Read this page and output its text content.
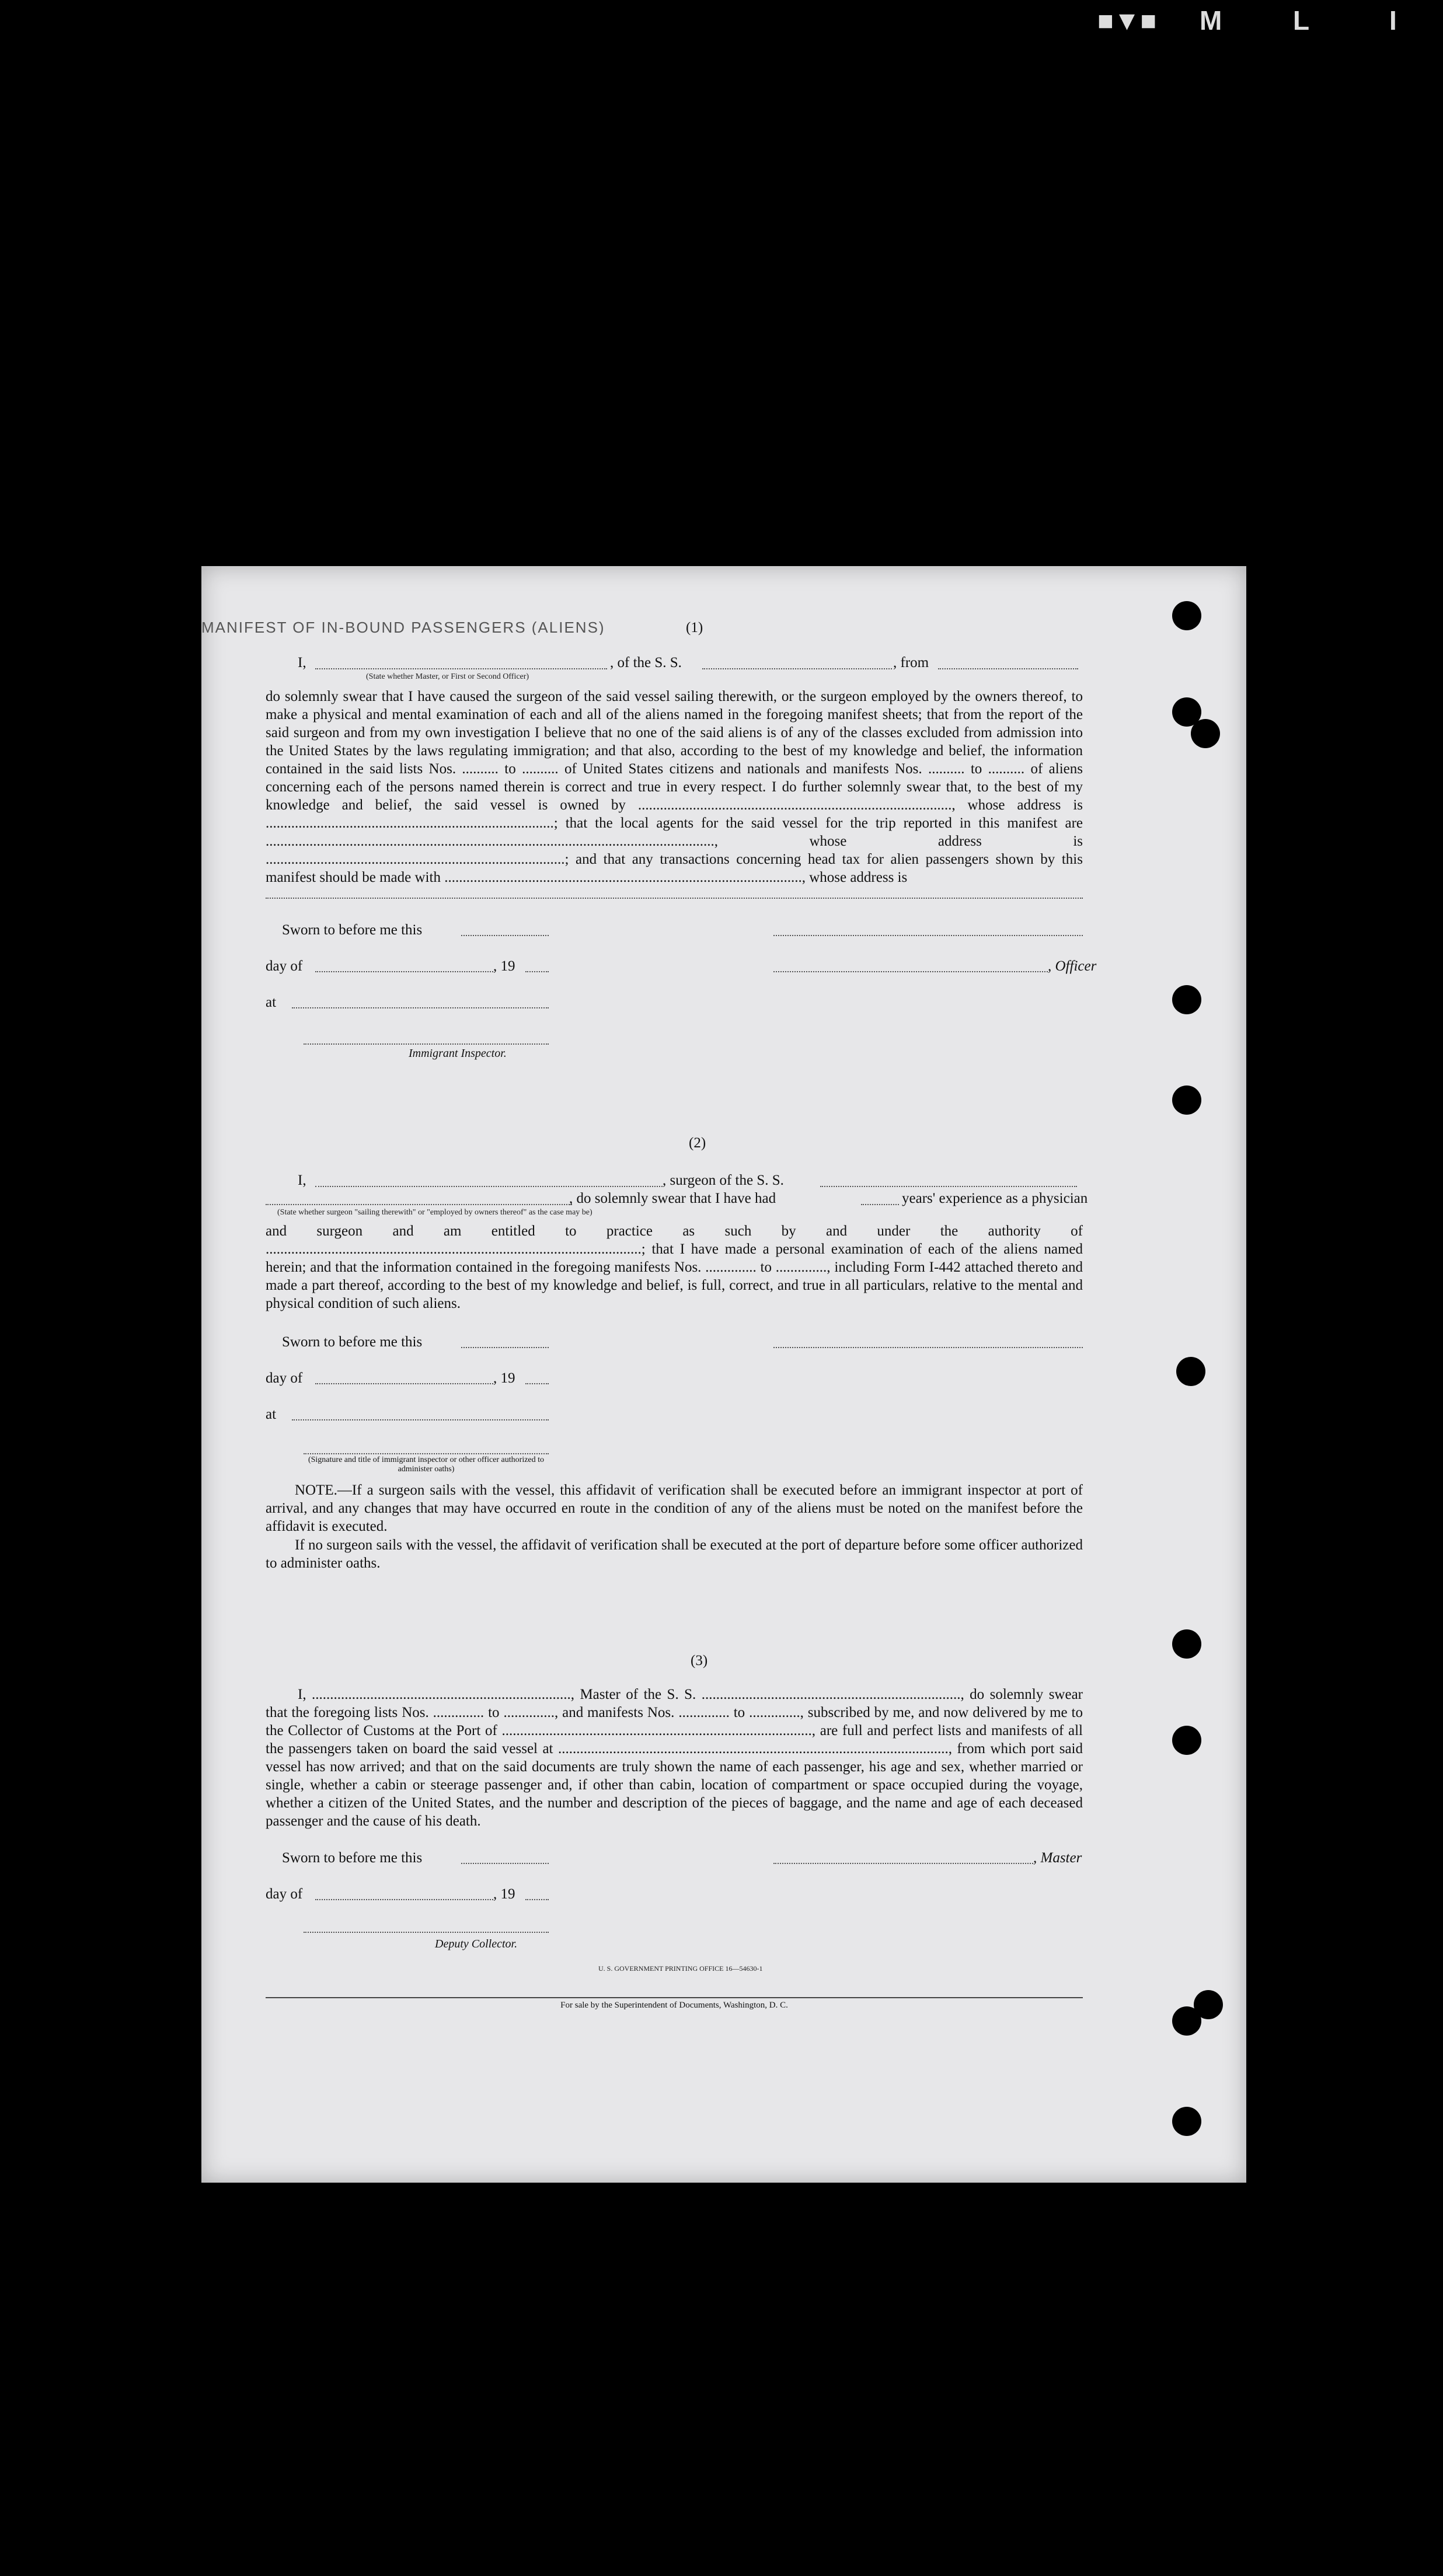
■▼■ M	L	I
MANIFEST OF IN-BOUND PASSENGERS (ALIENS)	(1)
I,	, of the S. S.	, from
(State whether Master, or First or Second Officer)
do solemnly swear that I have caused the surgeon of the said vessel sailing therewith, or the surgeon employed by the owners thereof, to make a physical and mental examination of each and all of the aliens named in the foregoing manifest sheets; that from the report of the said surgeon and from my own investigation I believe that no one of the said aliens is of any of the classes excluded from admission into the United States by the laws regulating immigration; and that also, according to the best of my knowledge and belief, the information contained in the said lists Nos. .......... to .......... of United States citizens and nationals and manifests Nos. .......... to .......... of aliens concerning each of the persons named therein is correct and true in every respect. I do further solemnly swear that, to the best of my knowledge and belief, the said vessel is owned by ......................................................................................, whose address is ...............................................................................; that the local agents for the said vessel for the trip reported in this manifest are ..........................................................................................................................., whose address is ..................................................................................; and that any transactions concerning head tax for alien passengers shown by this manifest should be made with .................................................................................................., whose address is
Sworn to before me this
day of	, 19	, Officer
at
Immigrant Inspector.
(2)
I,	, surgeon of the S. S.
, do solemnly swear that I have had	years' experience as a physician
(State whether surgeon "sailing therewith" or "employed by owners thereof" as the case may be)
and surgeon and am entitled to practice as such by and under the authority of .......................................................................................................; that I have made a personal examination of each of the aliens named herein; and that the information contained in the foregoing manifests Nos. .............. to .............., including Form I-442 attached thereto and made a part thereof, according to the best of my knowledge and belief, is full, correct, and true in all particulars, relative to the mental and physical condition of such aliens.
Sworn to before me this
day of	, 19
at
(Signature and title of immigrant inspector or other officer authorized to administer oaths)
NOTE.—If a surgeon sails with the vessel, this affidavit of verification shall be executed before an immigrant inspector at port of arrival, and any changes that may have occurred en route in the condition of any of the aliens must be noted on the manifest before the affidavit is executed.
If no surgeon sails with the vessel, the affidavit of verification shall be executed at the port of departure before some officer authorized to administer oaths.
(3)
I, ......................................................................., Master of the S. S. ......................................................................., do solemnly swear that the foregoing lists Nos. .............. to .............., and manifests Nos. .............. to .............., subscribed by me, and now delivered by me to the Collector of Customs at the Port of ....................................................................................., are full and perfect lists and manifests of all the passengers taken on board the said vessel at ..........................................................................................................., from which port said vessel has now arrived; and that on the said documents are truly shown the name of each passenger, his age and sex, whether married or single, whether a cabin or steerage passenger and, if other than cabin, location of compartment or space occupied during the voyage, whether a citizen of the United States, and the number and description of the pieces of baggage, and the name and age of each deceased passenger and the cause of his death.
Sworn to before me this	, Master
day of	, 19
Deputy Collector.
U. S. GOVERNMENT PRINTING OFFICE 16—54630-1
For sale by the Superintendent of Documents, Washington, D. C.
